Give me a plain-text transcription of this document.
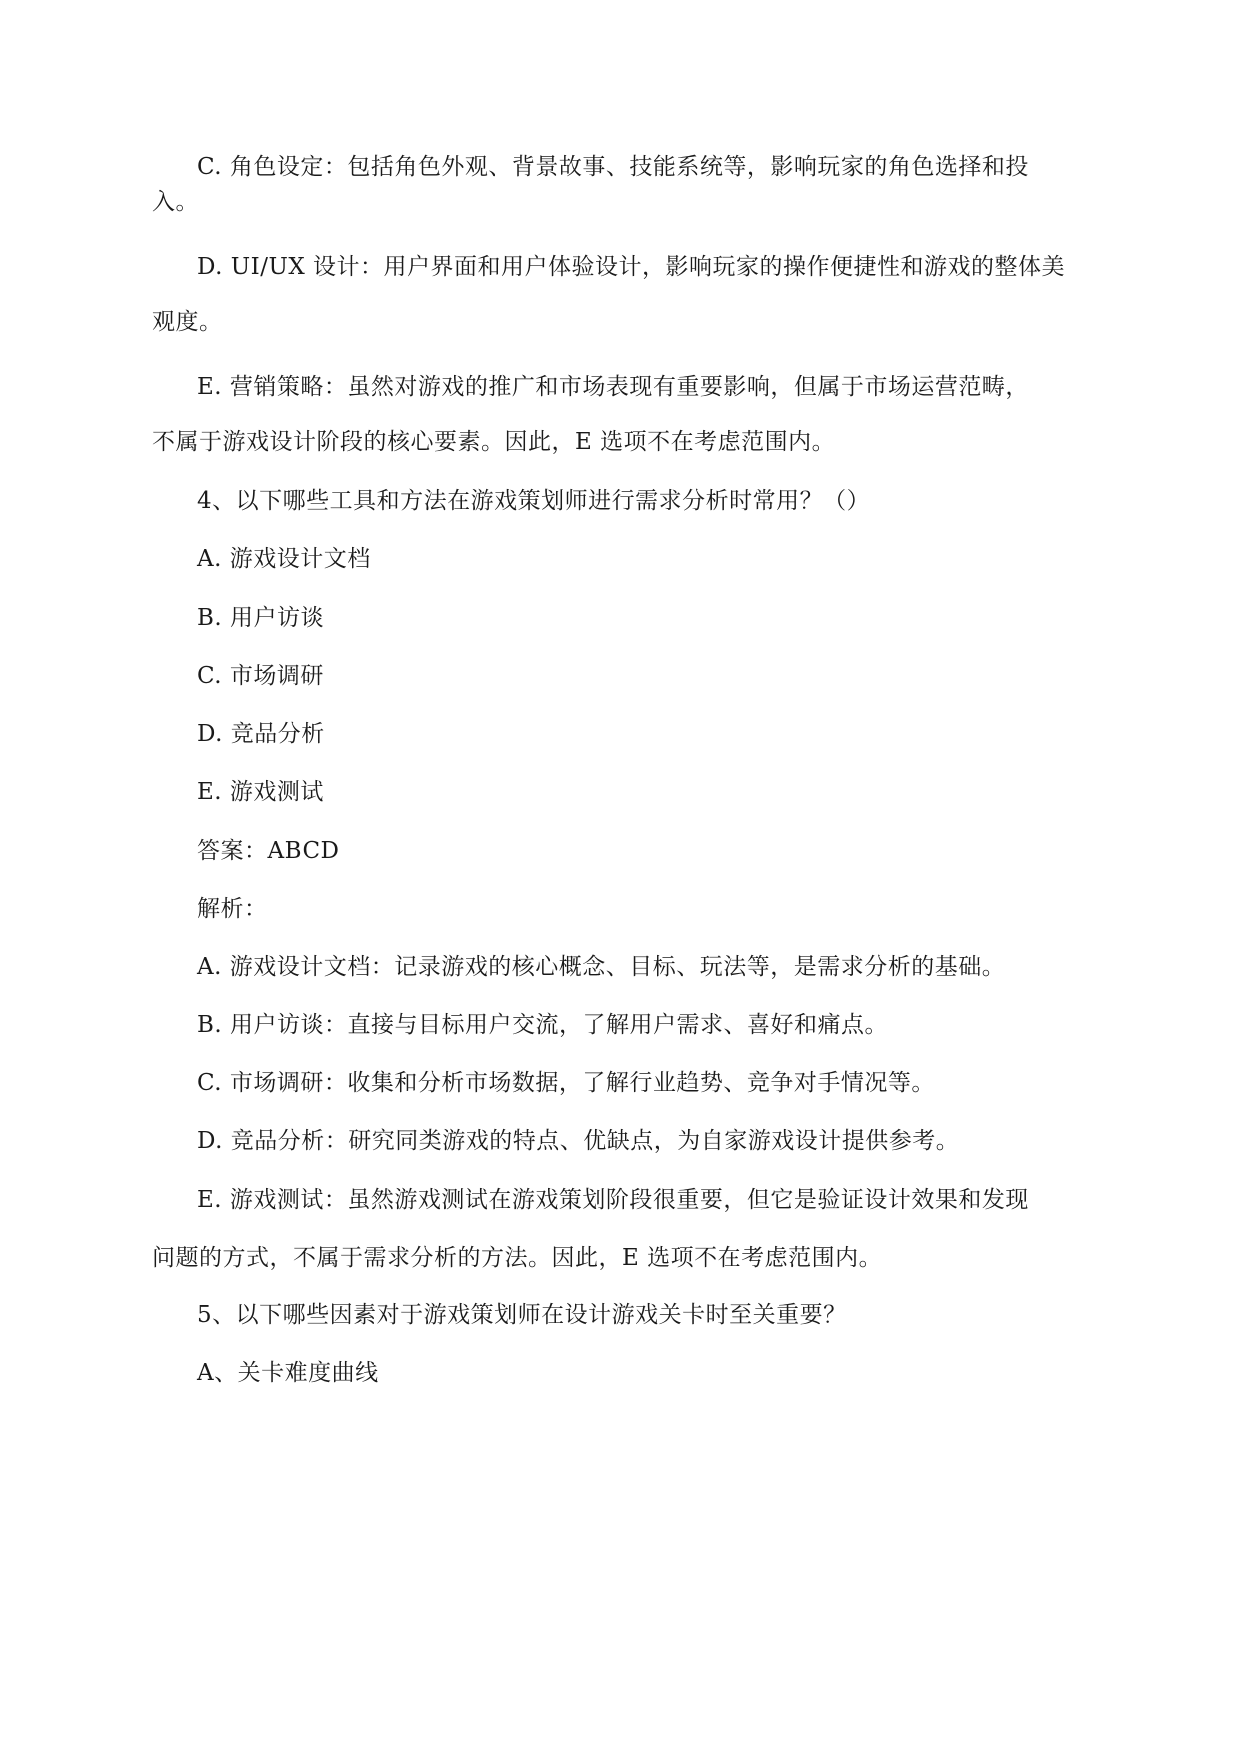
C. 角色设定：包括角色外观、背景故事、技能系统等，影响玩家的角色选择和投
入。
D. UI/UX 设计：用户界面和用户体验设计，影响玩家的操作便捷性和游戏的整体美
观度。
E. 营销策略：虽然对游戏的推广和市场表现有重要影响，但属于市场运营范畴，
不属于游戏设计阶段的核心要素。因此，E 选项不在考虑范围内。
4、以下哪些工具和方法在游戏策划师进行需求分析时常用？（）
A. 游戏设计文档
B. 用户访谈
C. 市场调研
D. 竞品分析
E. 游戏测试
答案：ABCD
解析：
A. 游戏设计文档：记录游戏的核心概念、目标、玩法等，是需求分析的基础。
B. 用户访谈：直接与目标用户交流，了解用户需求、喜好和痛点。
C. 市场调研：收集和分析市场数据，了解行业趋势、竞争对手情况等。
D. 竞品分析：研究同类游戏的特点、优缺点，为自家游戏设计提供参考。
E. 游戏测试：虽然游戏测试在游戏策划阶段很重要，但它是验证设计效果和发现
问题的方式，不属于需求分析的方法。因此，E 选项不在考虑范围内。
5、以下哪些因素对于游戏策划师在设计游戏关卡时至关重要？
A、关卡难度曲线
